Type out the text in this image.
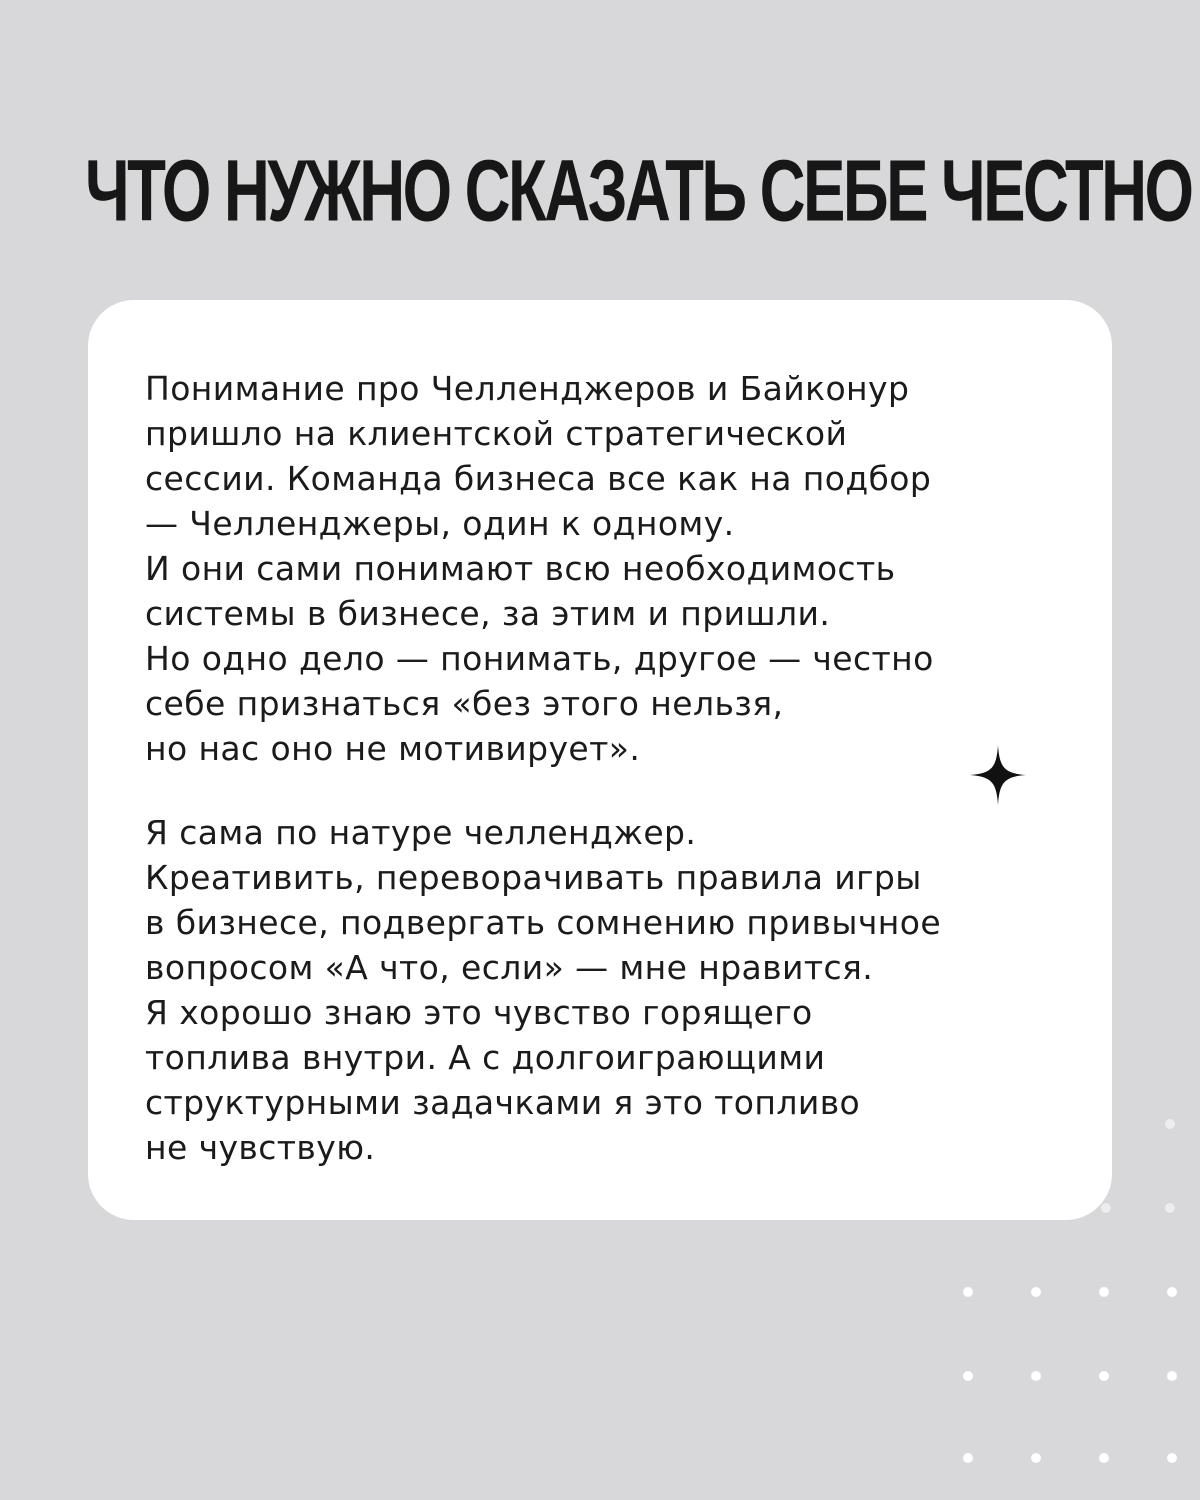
ЧТО НУЖНО СКАЗАТЬ СЕБЕ ЧЕСТНО

Понимание про Челленджеров и Байконур
пришло на клиентской стратегической
сессии. Команда бизнеса все как на подбор
— Челленджеры, один к одному.
И они сами понимают всю необходимость
системы в бизнесе, за этим и пришли.
Но одно дело — понимать, другое — честно
себе признаться «без этого нельзя,
но нас оно не мотивирует».

Я сама по натуре челленджер.
Креативить, переворачивать правила игры
в бизнесе, подвергать сомнению привычное
вопросом «А что, если» — мне нравится.
Я хорошо знаю это чувство горящего
топлива внутри. А с долгоиграющими
структурными задачками я это топливо
не чувствую.
